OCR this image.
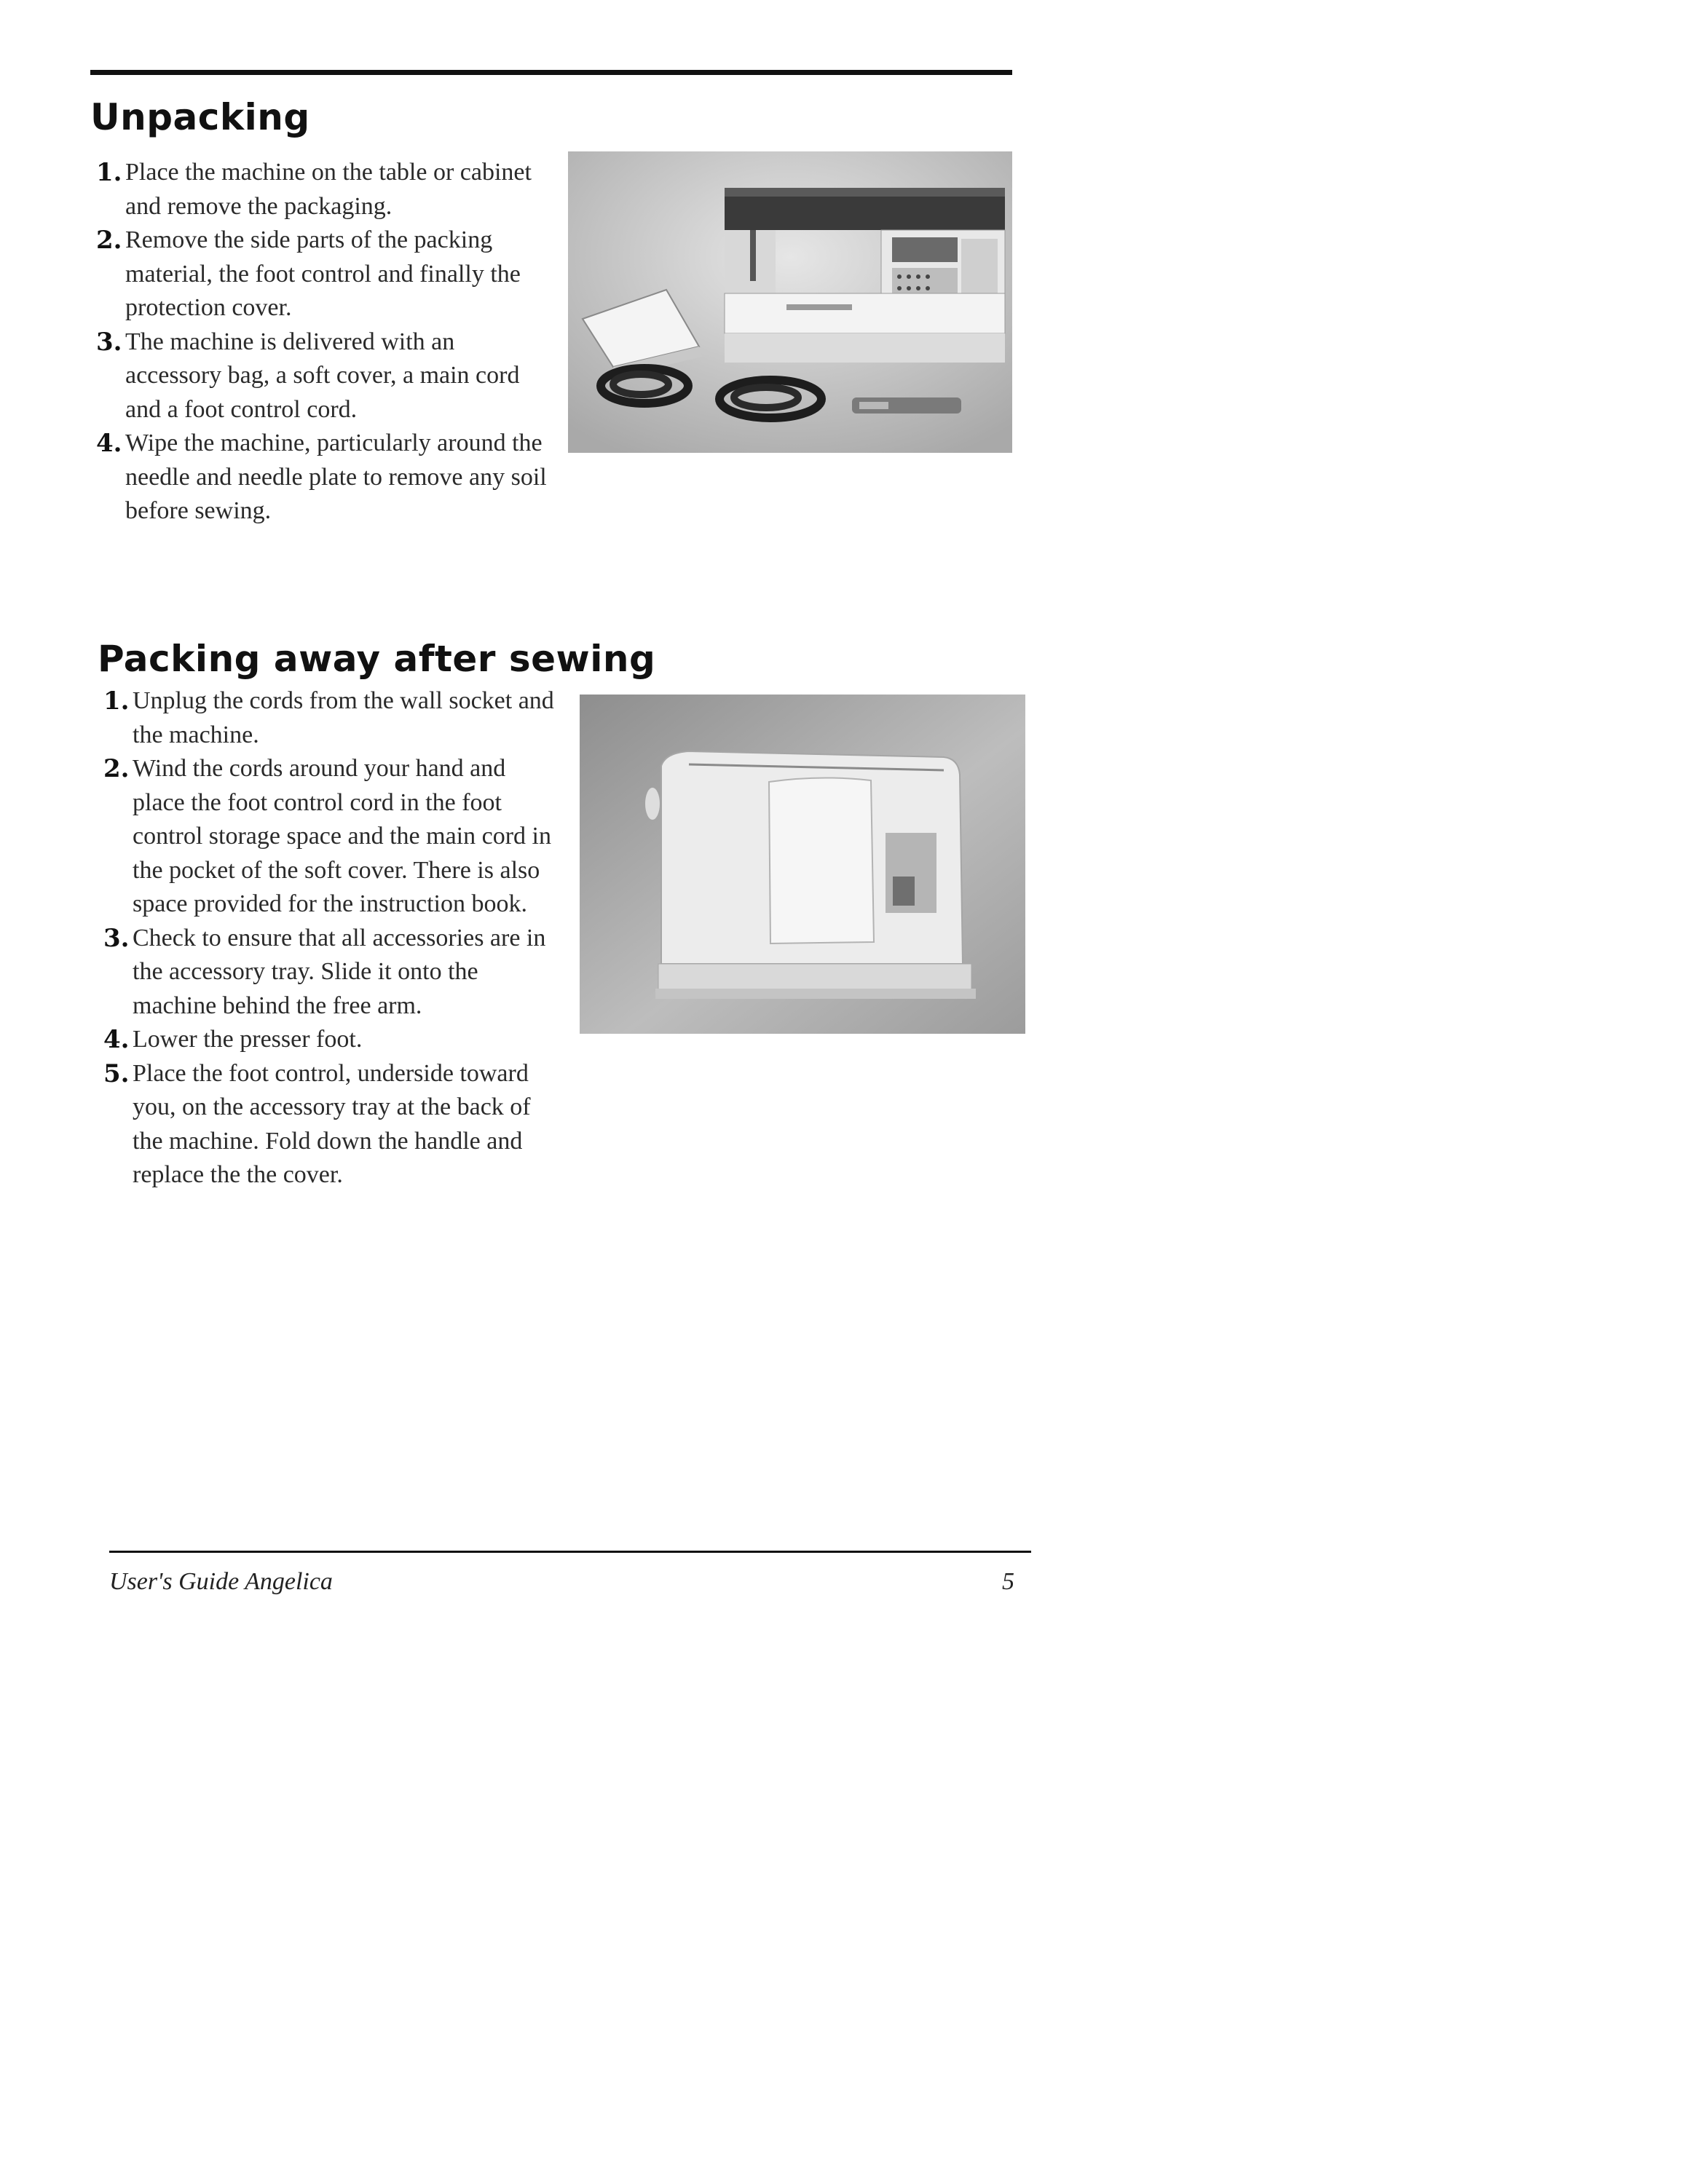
Unpacking
1. Place the machine on the table or cabinet and remove the packaging.
2. Remove the side parts of the packing material, the foot control and finally the protection cover.
3. The machine is delivered with an accessory bag, a soft cover, a main cord and a foot control cord.
4. Wipe the machine, particularly around the needle and needle plate to remove any soil before sewing.
Packing away after sewing
1. Unplug the cords from the wall socket and the machine.
2. Wind the cords around your hand and place the foot control cord in the foot control storage space and the main cord in the pocket of the soft cover. There is also space provided for the instruction book.
3. Check to ensure that all accessories are in the accessory tray. Slide it onto the machine behind the free arm.
4. Lower the presser foot.
5. Place the foot control, underside toward you, on the accessory tray at the back of the machine. Fold down the handle and replace the the cover.
User's Guide Angelica	5
